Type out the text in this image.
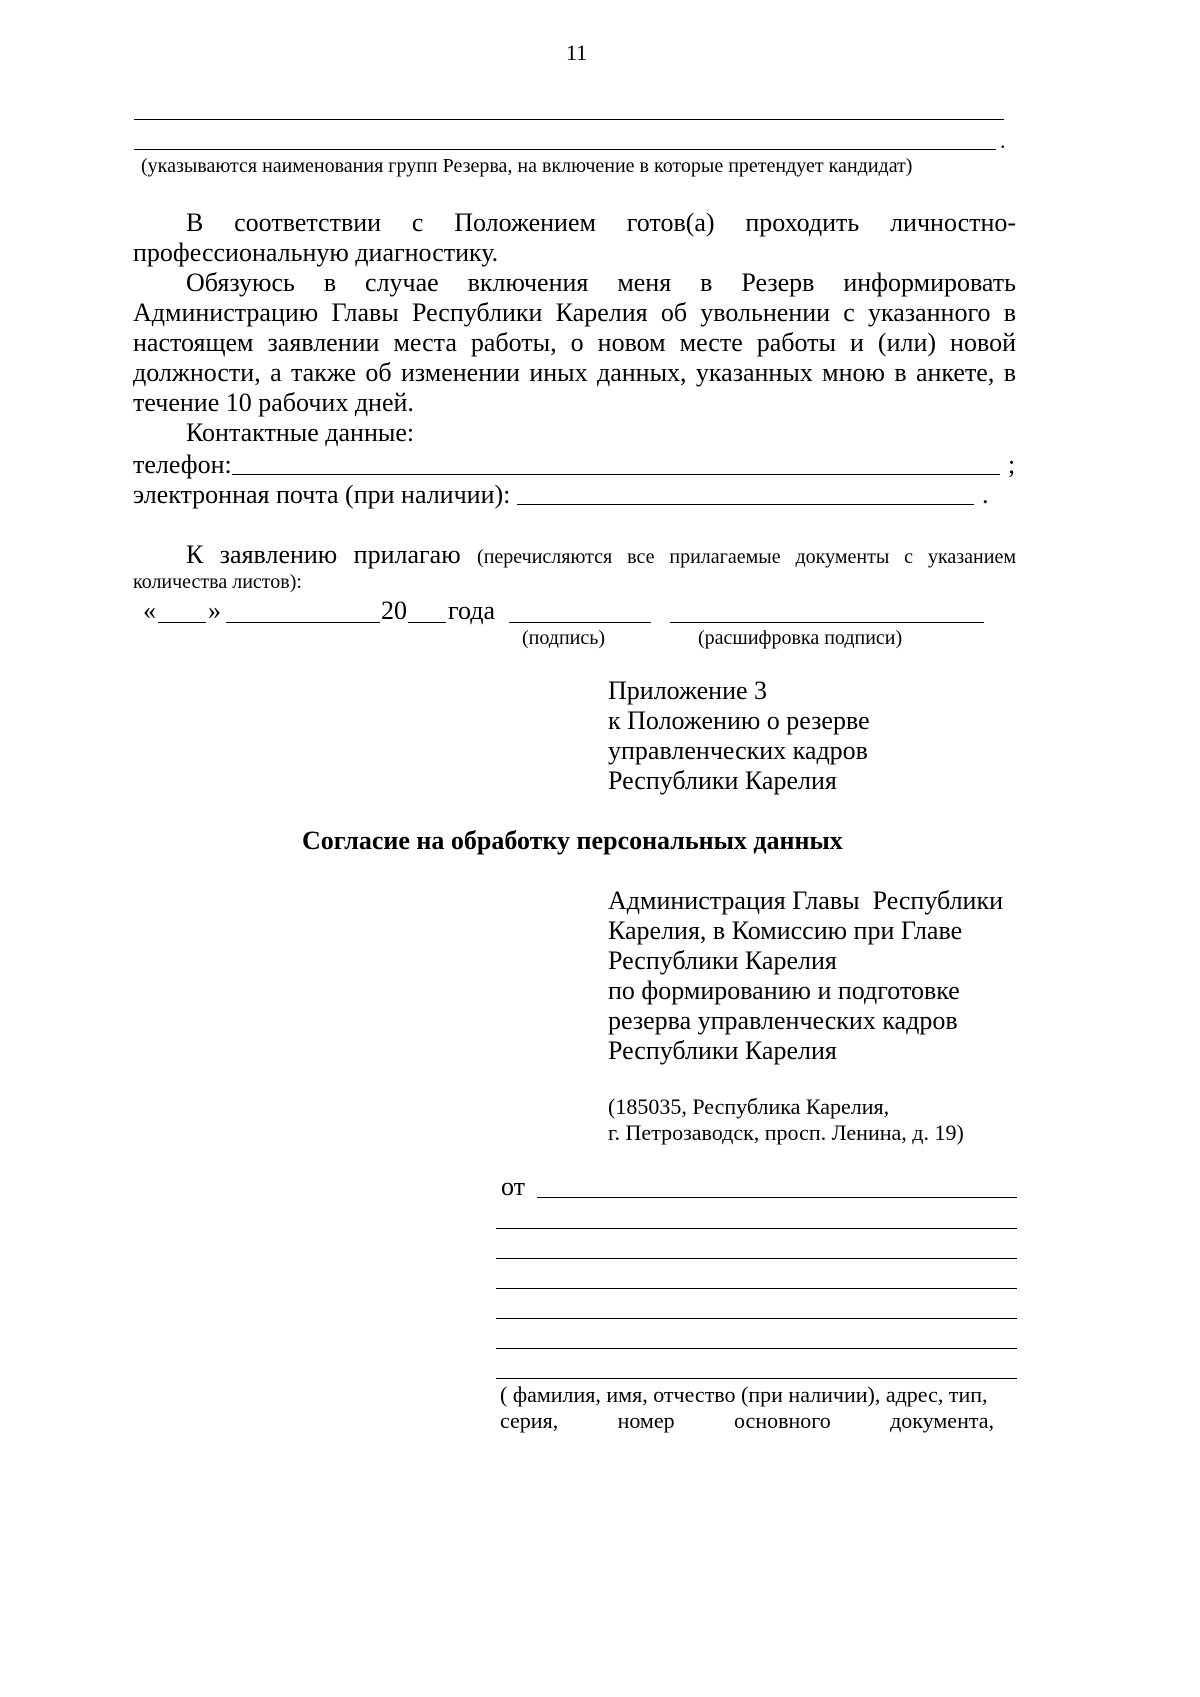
11
.
(указываются наименования групп Резерва, на включение в которые претендует кандидат)
В соответствии с Положением готов(а) проходить личностно-
профессиональную диагностику.
Обязуюсь в случае включения меня в Резерв информировать
Администрацию Главы Республики Карелия об увольнении с указанного в
настоящем заявлении места работы, о новом месте работы и (или) новой
должности, а также об изменении иных данных, указанных мною в анкете, в
течение 10 рабочих дней.
Контактные данные:
телефон:	;
электронная почта (при наличии):	.
К заявлению прилагаю (перечисляются все прилагаемые документы с указанием
количества листов):
« »	20 года
(подпись)	(расшифровка подписи)
Приложение 3
к Положению о резерве
управленческих кадров
Республики Карелия
Согласие на обработку персональных данных
Администрация Главы  Республики
Карелия, в Комиссию при Главе
Республики Карелия
по формированию и подготовке
резерва управленческих кадров
Республики Карелия
(185035, Республика Карелия,
г. Петрозаводск, просп. Ленина, д. 19)
от
( фамилия, имя, отчество (при наличии), адрес, тип,
серия,	номер	основного	документа,
